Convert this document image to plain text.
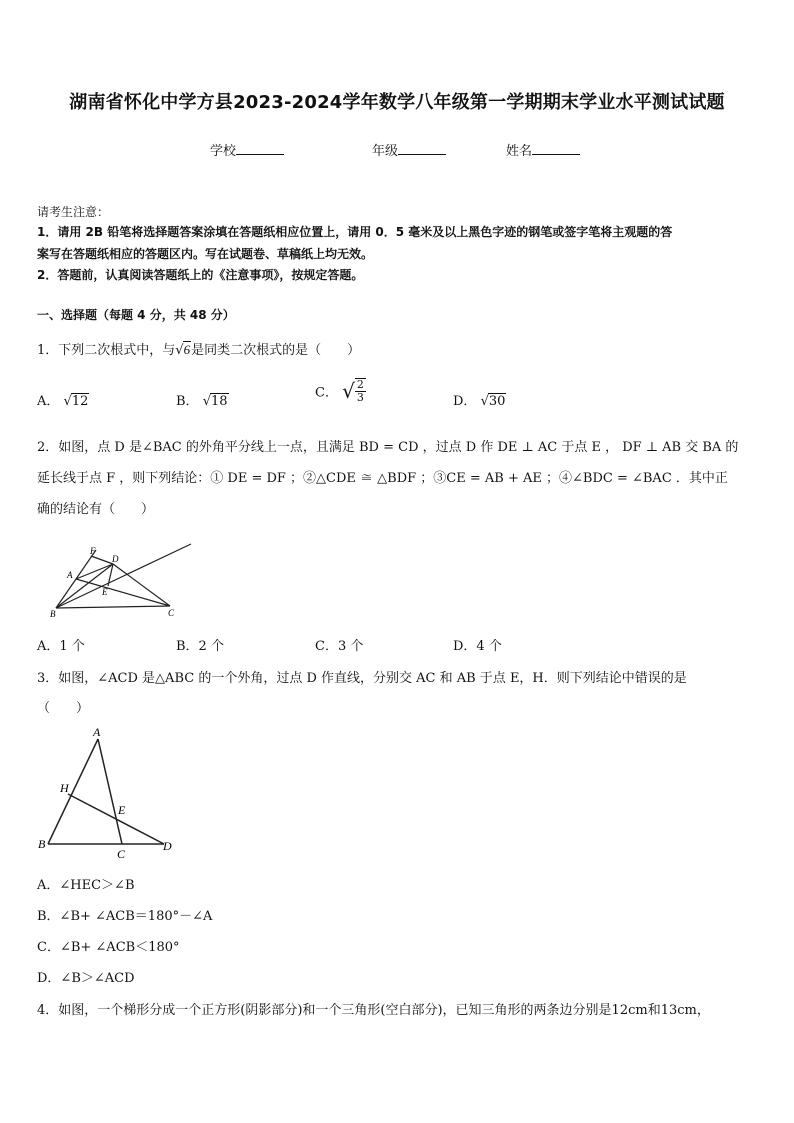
湖南省怀化中学方县2023-2024学年数学八年级第一学期期末学业水平测试试题
学校	年级	姓名
请考生注意：
1．请用 2B 铅笔将选择题答案涂填在答题纸相应位置上，请用 0．5 毫米及以上黑色字迹的钢笔或签字笔将主观题的答
案写在答题纸相应的答题区内。写在试题卷、草稿纸上均无效。
2．答题前，认真阅读答题纸上的《注意事项》，按规定答题。
一、选择题（每题 4 分，共 48 分）
1．下列二次根式中，与√6是同类二次根式的是（　　）
A． √12	B． √18
C． √ $\frac{2}{3}$	D． √30
2．如图，点 D 是∠BAC 的外角平分线上一点，且满足 BD = CD ，过点 D 作 DE ⊥ AC 于点 E ， DF ⊥ AB 交 BA 的
延长线于点 F ，则下列结论：① DE = DF ；②△CDE ≅ △BDF ；③CE = AB + AE ；④∠BDC = ∠BAC ．其中正
确的结论有（　　）
F
D
A
E
B	C
A．1 个	B．2 个	C．3 个	D．4 个
3．如图，∠ACD 是△ABC 的一个外角，过点 D 作直线，分别交 AC 和 AB 于点 E，H．则下列结论中错误的是
（　　）
A
H
E
B
C
D
A．∠HEC＞∠B
B．∠B+ ∠ACB＝180°－∠A
C．∠B+ ∠ACB＜180°
D．∠B＞∠ACD
4．如图，一个梯形分成一个正方形(阴影部分)和一个三角形(空白部分)，已知三角形的两条边分别是12cm和13cm，
